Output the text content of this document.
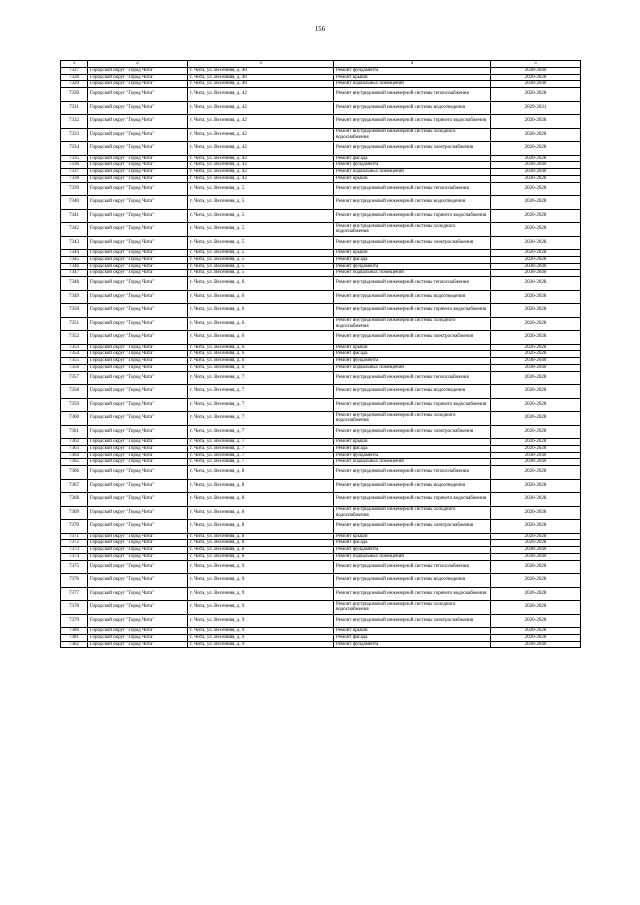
156
1	2	3	4	5
7327	Городской округ "Город Чита"	г. Чита, ул. Весенняя, д. 40	Ремонт фундамента	2038-2040
7328	Городской округ "Город Чита"	г. Чита, ул. Весенняя, д. 40	Ремонт крыши	2026-2028
7329	Городской округ "Город Чита"	г. Чита, ул. Весенняя, д. 40	Ремонт подвальных помещений	2038-2040
7330	Городской округ "Город Чита"	г. Чита, ул. Весенняя, д. 42	Ремонт внутридомовой инженерной системы теплоснабжения	2026-2028
7331	Городской округ "Город Чита"	г. Чита, ул. Весенняя, д. 42	Ремонт внутридомовой инженерной системы водоотведения	2029-2031
7332	Городской округ "Город Чита"	г. Чита, ул. Весенняя, д. 42	Ремонт внутридомовой инженерной системы горячего водоснабжения	2026-2028
7333	Городской округ "Город Чита"	г. Чита, ул. Весенняя, д. 42	Ремонт внутридомовой инженерной системы холодного водоснабжения	2026-2028
7334	Городской округ "Город Чита"	г. Чита, ул. Весенняя, д. 42	Ремонт внутридомовой инженерной системы электроснабжения	2026-2028
7335	Городской округ "Город Чита"	г. Чита, ул. Весенняя, д. 42	Ремонт фасада	2026-2028
7336	Городской округ "Город Чита"	г. Чита, ул. Весенняя, д. 42	Ремонт фундамента	2038-2040
7337	Городской округ "Город Чита"	г. Чита, ул. Весенняя, д. 42	Ремонт подвальных помещений	2038-2040
7338	Городской округ "Город Чита"	г. Чита, ул. Весенняя, д. 42	Ремонт крыши	2026-2028
7339	Городской округ "Город Чита"	г. Чита, ул. Весенняя, д. 5	Ремонт внутридомовой инженерной системы теплоснабжения	2026-2028
7340	Городской округ "Город Чита"	г. Чита, ул. Весенняя, д. 5	Ремонт внутридомовой инженерной системы водоотведения	2026-2028
7341	Городской округ "Город Чита"	г. Чита, ул. Весенняя, д. 5	Ремонт внутридомовой инженерной системы горячего водоснабжения	2026-2028
7342	Городской округ "Город Чита"	г. Чита, ул. Весенняя, д. 5	Ремонт внутридомовой инженерной системы холодного водоснабжения	2026-2028
7343	Городской округ "Город Чита"	г. Чита, ул. Весенняя, д. 5	Ремонт внутридомовой инженерной системы электроснабжения	2026-2028
7344	Городской округ "Город Чита"	г. Чита, ул. Весенняя, д. 5	Ремонт крыши	2026-2028
7345	Городской округ "Город Чита"	г. Чита, ул. Весенняя, д. 5	Ремонт фасада	2026-2028
7346	Городской округ "Город Чита"	г. Чита, ул. Весенняя, д. 5	Ремонт фундамента	2038-2040
7347	Городской округ "Город Чита"	г. Чита, ул. Весенняя, д. 5	Ремонт подвальных помещений	2038-2040
7348	Городской округ "Город Чита"	г. Чита, ул. Весенняя, д. 6	Ремонт внутридомовой инженерной системы теплоснабжения	2026-2028
7349	Городской округ "Город Чита"	г. Чита, ул. Весенняя, д. 6	Ремонт внутридомовой инженерной системы водоотведения	2026-2028
7350	Городской округ "Город Чита"	г. Чита, ул. Весенняя, д. 6	Ремонт внутридомовой инженерной системы горячего водоснабжения	2026-2028
7351	Городской округ "Город Чита"	г. Чита, ул. Весенняя, д. 6	Ремонт внутридомовой инженерной системы холодного водоснабжения	2026-2028
7352	Городской округ "Город Чита"	г. Чита, ул. Весенняя, д. 6	Ремонт внутридомовой инженерной системы электроснабжения	2026-2028
7353	Городской округ "Город Чита"	г. Чита, ул. Весенняя, д. 6	Ремонт крыши	2026-2028
7354	Городской округ "Город Чита"	г. Чита, ул. Весенняя, д. 6	Ремонт фасада	2026-2028
7355	Городской округ "Город Чита"	г. Чита, ул. Весенняя, д. 6	Ремонт фундамента	2038-2040
7356	Городской округ "Город Чита"	г. Чита, ул. Весенняя, д. 6	Ремонт подвальных помещений	2038-2040
7357	Городской округ "Город Чита"	г. Чита, ул. Весенняя, д. 7	Ремонт внутридомовой инженерной системы теплоснабжения	2026-2028
7358	Городской округ "Город Чита"	г. Чита, ул. Весенняя, д. 7	Ремонт внутридомовой инженерной системы водоотведения	2026-2028
7359	Городской округ "Город Чита"	г. Чита, ул. Весенняя, д. 7	Ремонт внутридомовой инженерной системы горячего водоснабжения	2026-2028
7360	Городской округ "Город Чита"	г. Чита, ул. Весенняя, д. 7	Ремонт внутридомовой инженерной системы холодного водоснабжения	2026-2028
7361	Городской округ "Город Чита"	г. Чита, ул. Весенняя, д. 7	Ремонт внутридомовой инженерной системы электроснабжения	2026-2028
7362	Городской округ "Город Чита"	г. Чита, ул. Весенняя, д. 7	Ремонт крыши	2026-2028
7363	Городской округ "Город Чита"	г. Чита, ул. Весенняя, д. 7	Ремонт фасада	2026-2028
7364	Городской округ "Город Чита"	г. Чита, ул. Весенняя, д. 7	Ремонт фундамента	2038-2040
7365	Городской округ "Город Чита"	г. Чита, ул. Весенняя, д. 7	Ремонт подвальных помещений	2038-2040
7366	Городской округ "Город Чита"	г. Чита, ул. Весенняя, д. 8	Ремонт внутридомовой инженерной системы теплоснабжения	2026-2028
7367	Городской округ "Город Чита"	г. Чита, ул. Весенняя, д. 8	Ремонт внутридомовой инженерной системы водоотведения	2026-2028
7368	Городской округ "Город Чита"	г. Чита, ул. Весенняя, д. 8	Ремонт внутридомовой инженерной системы горячего водоснабжения	2026-2028
7369	Городской округ "Город Чита"	г. Чита, ул. Весенняя, д. 8	Ремонт внутридомовой инженерной системы холодного водоснабжения	2026-2028
7370	Городской округ "Город Чита"	г. Чита, ул. Весенняя, д. 8	Ремонт внутридомовой инженерной системы электроснабжения	2026-2028
7371	Городской округ "Город Чита"	г. Чита, ул. Весенняя, д. 8	Ремонт крыши	2026-2028
7372	Городской округ "Город Чита"	г. Чита, ул. Весенняя, д. 8	Ремонт фасада	2026-2028
7373	Городской округ "Город Чита"	г. Чита, ул. Весенняя, д. 8	Ремонт фундамента	2038-2040
7374	Городской округ "Город Чита"	г. Чита, ул. Весенняя, д. 8	Ремонт подвальных помещений	2038-2040
7375	Городской округ "Город Чита"	г. Чита, ул. Весенняя, д. 9	Ремонт внутридомовой инженерной системы теплоснабжения	2026-2028
7376	Городской округ "Город Чита"	г. Чита, ул. Весенняя, д. 9	Ремонт внутридомовой инженерной системы водоотведения	2026-2028
7377	Городской округ "Город Чита"	г. Чита, ул. Весенняя, д. 9	Ремонт внутридомовой инженерной системы горячего водоснабжения	2026-2028
7378	Городской округ "Город Чита"	г. Чита, ул. Весенняя, д. 9	Ремонт внутридомовой инженерной системы холодного водоснабжения	2026-2028
7379	Городской округ "Город Чита"	г. Чита, ул. Весенняя, д. 9	Ремонт внутридомовой инженерной системы электроснабжения	2026-2028
7380	Городской округ "Город Чита"	г. Чита, ул. Весенняя, д. 9	Ремонт крыши	2026-2028
7381	Городской округ "Город Чита"	г. Чита, ул. Весенняя, д. 9	Ремонт фасада	2026-2028
7382	Городской округ "Город Чита"	г. Чита, ул. Весенняя, д. 9	Ремонт фундамента	2038-2040
